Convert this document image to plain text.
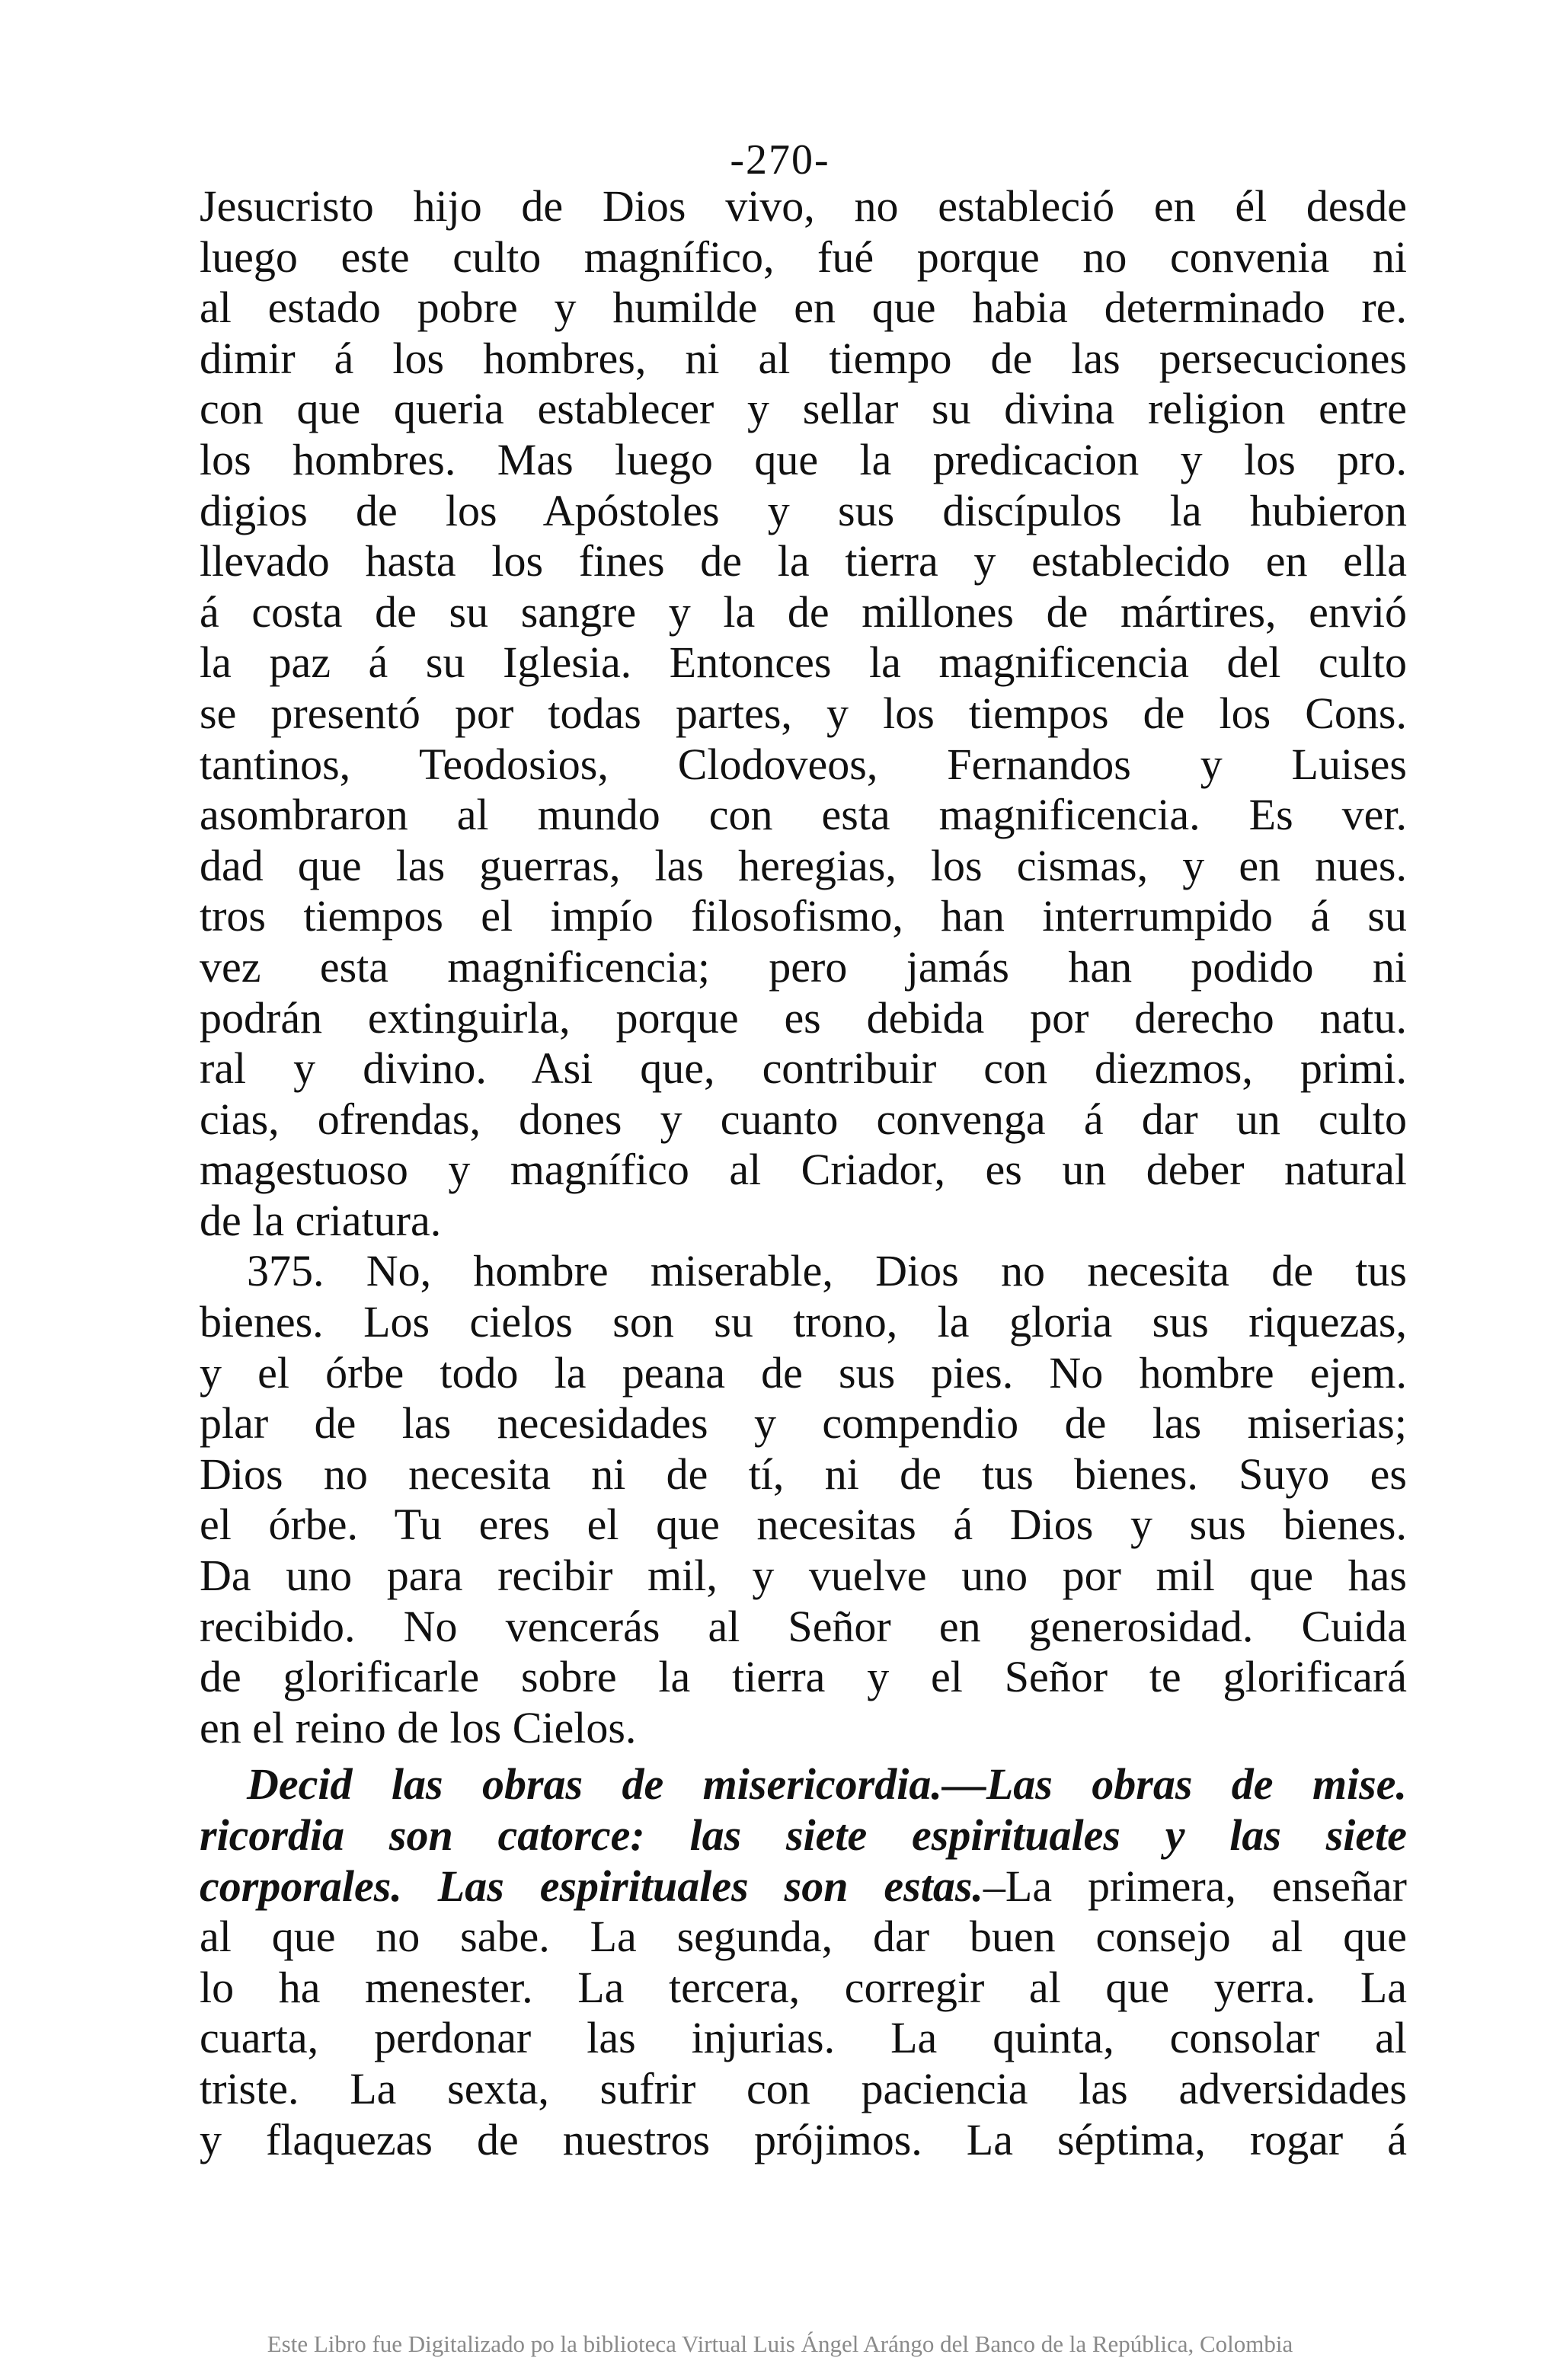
-270-
Jesucristo hijo de Dios vivo, no estableció en él desde
luego este culto magnífico, fué porque no convenia ni
al estado pobre y humilde en que habia determinado re.
dimir á los hombres, ni al tiempo de las persecuciones
con que queria establecer y sellar su divina religion entre
los hombres. Mas luego que la predicacion y los pro.
digios de los Apóstoles y sus discípulos la hubieron
llevado hasta los fines de la tierra y establecido en ella
á costa de su sangre y la de millones de mártires, envió
la paz á su Iglesia. Entonces la magnificencia del culto
se presentó por todas partes, y los tiempos de los Cons.
tantinos, Teodosios, Clodoveos, Fernandos y Luises
asombraron al mundo con esta magnificencia. Es ver.
dad que las guerras, las heregias, los cismas, y en nues.
tros tiempos el impío filosofismo, han interrumpido á su
vez esta magnificencia; pero jamás han podido ni
podrán extinguirla, porque es debida por derecho natu.
ral y divino. Asi que, contribuir con diezmos, primi.
cias, ofrendas, dones y cuanto convenga á dar un culto
magestuoso y magnífico al Criador, es un deber natural
de la criatura.
375. No, hombre miserable, Dios no necesita de tus
bienes. Los cielos son su trono, la gloria sus riquezas,
y el órbe todo la peana de sus pies. No hombre ejem.
plar de las necesidades y compendio de las miserias;
Dios no necesita ni de tí, ni de tus bienes. Suyo es
el órbe. Tu eres el que necesitas á Dios y sus bienes.
Da uno para recibir mil, y vuelve uno por mil que has
recibido. No vencerás al Señor en generosidad. Cuida
de glorificarle sobre la tierra y el Señor te glorificará
en el reino de los Cielos.
Decid las obras de misericordia.—Las obras de mise.
ricordia son catorce: las siete espirituales y las siete
corporales. Las espirituales son estas.–La primera, enseñar
al que no sabe. La segunda, dar buen consejo al que
lo ha menester. La tercera, corregir al que yerra. La
cuarta, perdonar las injurias. La quinta, consolar al
triste. La sexta, sufrir con paciencia las adversidades
y flaquezas de nuestros prójimos. La séptima, rogar á
Este Libro fue Digitalizado po la biblioteca Virtual Luis Ángel Arángo del Banco de la República, Colombia
